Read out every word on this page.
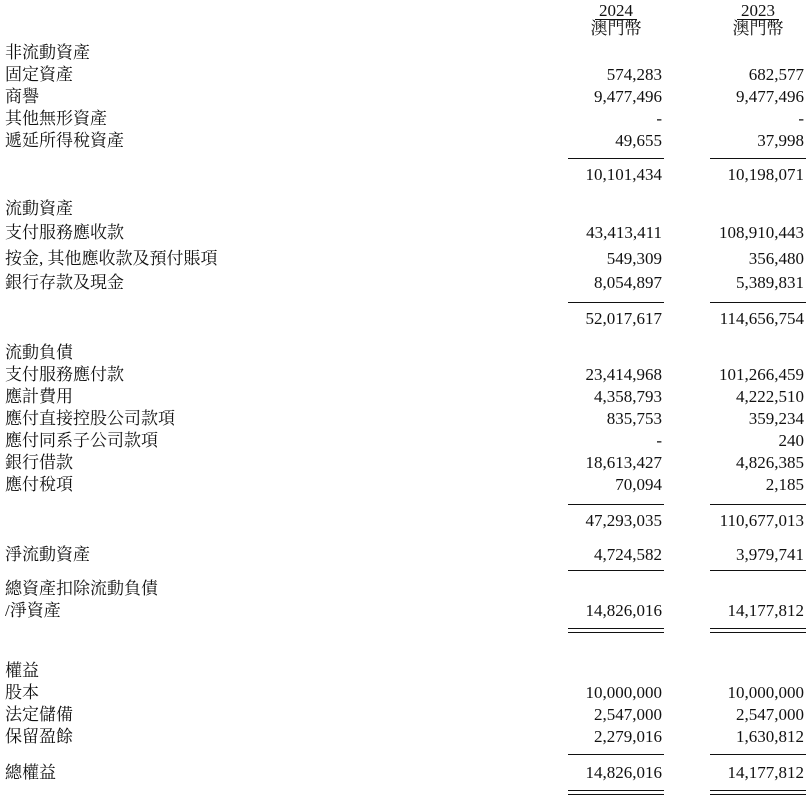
2024
澳門幣
2023
澳門幣
非流動資產
固定資產	574,283	682,577
商譽	9,477,496	9,477,496
其他無形資產	-	-
遞延所得稅資產	49,655	37,998
10,101,434	10,198,071
流動資產
支付服務應收款	43,413,411	108,910,443
按金, 其他應收款及預付賬項	549,309	356,480
銀行存款及現金	8,054,897	5,389,831
52,017,617	114,656,754
流動負債
支付服務應付款	23,414,968	101,266,459
應計費用	4,358,793	4,222,510
應付直接控股公司款項	835,753	359,234
應付同系子公司款項	-	240
銀行借款	18,613,427	4,826,385
應付稅項	70,094	2,185
47,293,035	110,677,013
淨流動資產	4,724,582	3,979,741
總資產扣除流動負債
/淨資產	14,826,016	14,177,812
權益
股本	10,000,000	10,000,000
法定儲備	2,547,000	2,547,000
保留盈餘	2,279,016	1,630,812
總權益	14,826,016	14,177,812
